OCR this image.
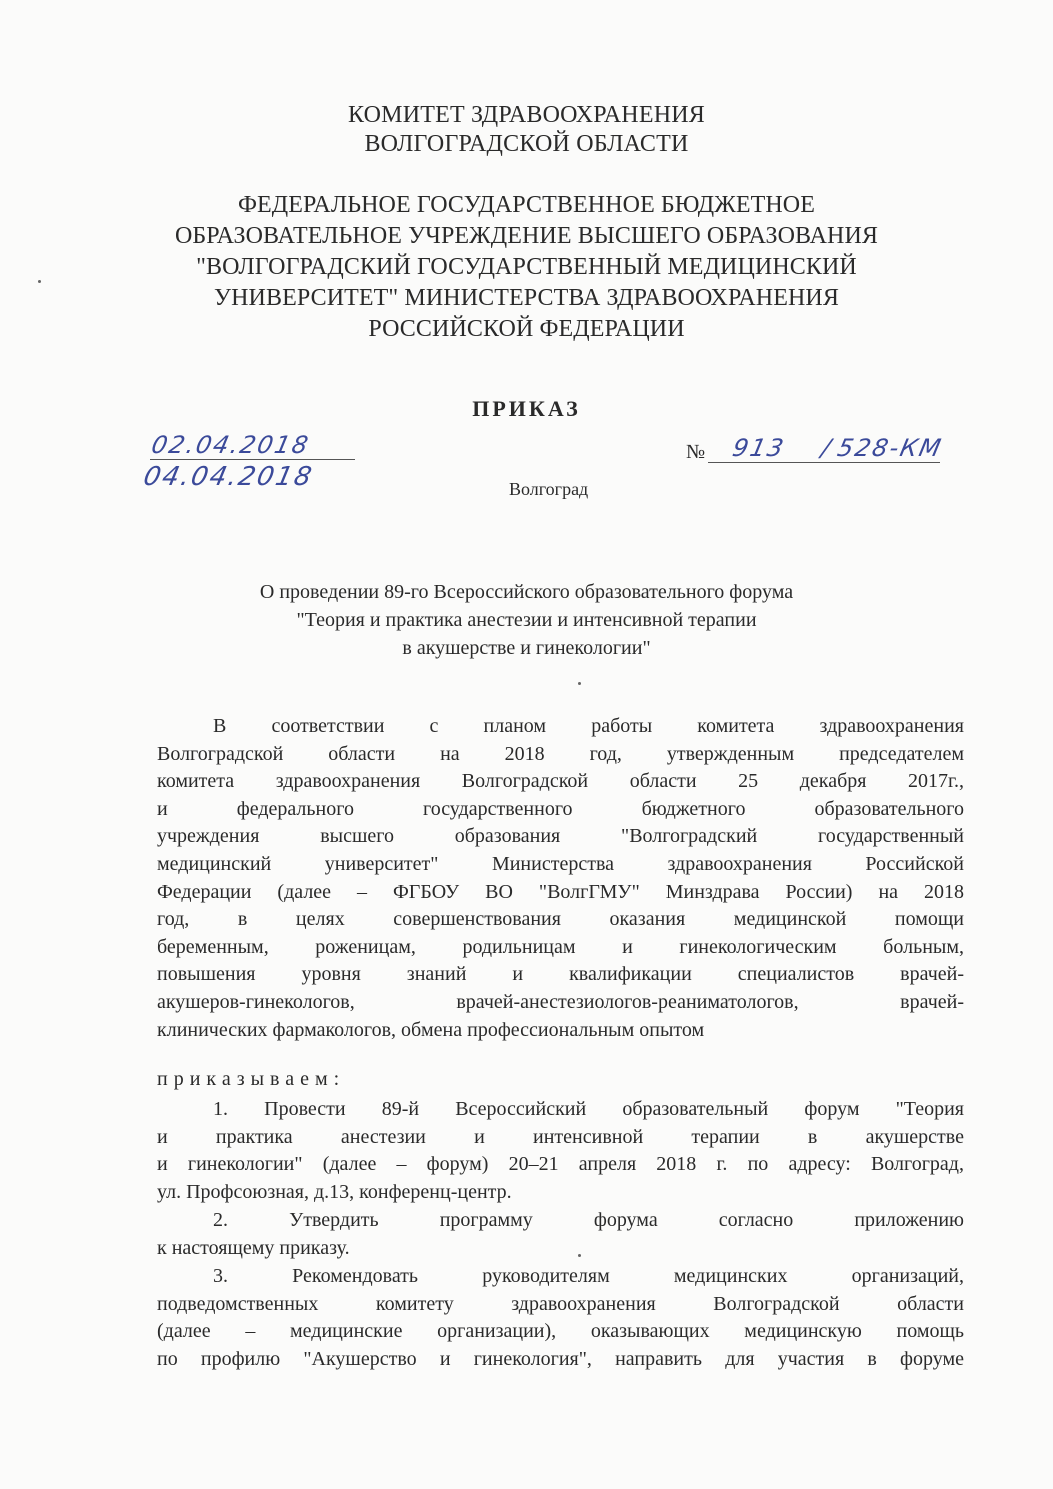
КОМИТЕТ ЗДРАВООХРАНЕНИЯ
ВОЛГОГРАДСКОЙ ОБЛАСТИ
ФЕДЕРАЛЬНОЕ ГОСУДАРСТВЕННОЕ БЮДЖЕТНОЕ
ОБРАЗОВАТЕЛЬНОЕ УЧРЕЖДЕНИЕ ВЫСШЕГО ОБРАЗОВАНИЯ
"ВОЛГОГРАДСКИЙ ГОСУДАРСТВЕННЫЙ МЕДИЦИНСКИЙ
УНИВЕРСИТЕТ" МИНИСТЕРСТВА ЗДРАВООХРАНЕНИЯ
РОССИЙСКОЙ ФЕДЕРАЦИИ
ПРИКАЗ
02.04.2018
04.04.2018
№ 913 / 528-КМ
Волгоград
О проведении 89-го Всероссийского образовательного форума
"Теория и практика анестезии и интенсивной терапии
в акушерстве и гинекологии"
В соответствии с планом работы комитета здравоохранения
Волгоградской области на 2018 год, утвержденным председателем
комитета здравоохранения Волгоградской области 25 декабря 2017г.,
и федерального государственного бюджетного образовательного
учреждения высшего образования "Волгоградский государственный
медицинский университет" Министерства здравоохранения Российской
Федерации (далее – ФГБОУ ВО "ВолгГМУ" Минздрава России) на 2018
год, в целях совершенствования оказания медицинской помощи
беременным, роженицам, родильницам и гинекологическим больным,
повышения уровня знаний и квалификации специалистов врачей-
акушеров-гинекологов, врачей-анестезиологов-реаниматологов, врачей-
клинических фармакологов, обмена профессиональным опытом
приказываем:
1. Провести 89-й Всероссийский образовательный форум "Теория
и практика анестезии и интенсивной терапии в акушерстве
и гинекологии" (далее – форум) 20–21 апреля 2018 г. по адресу: Волгоград,
ул. Профсоюзная, д.13, конференц-центр.
2. Утвердить программу форума согласно приложению
к настоящему приказу.
3. Рекомендовать руководителям медицинских организаций,
подведомственных комитету здравоохранения Волгоградской области
(далее – медицинские организации), оказывающих медицинскую помощь
по профилю "Акушерство и гинекология", направить для участия в форуме
